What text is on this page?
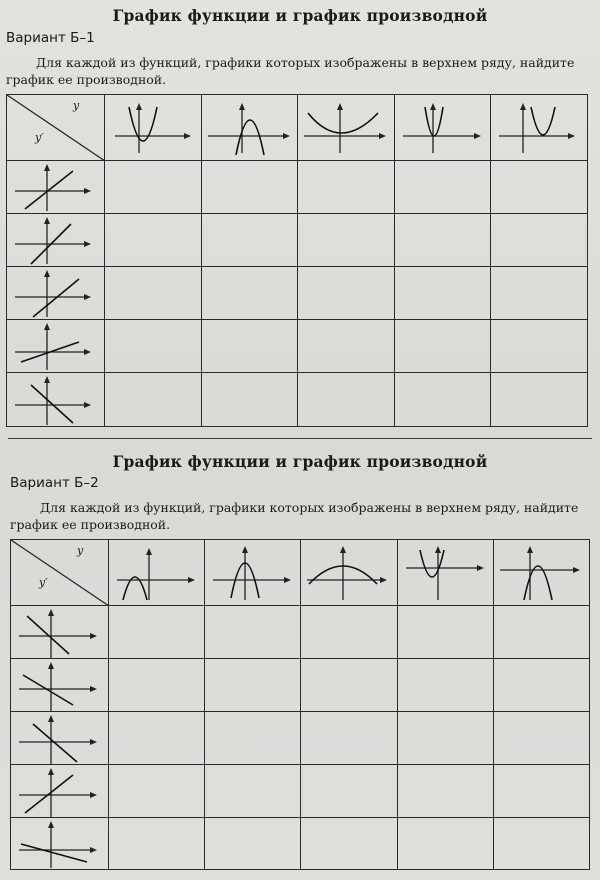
График функции и график производной
Вариант Б–1
Для каждой из функций, графики которых изображены в верхнем ряду, найдите
график ее производной.
y
y′

График функции и график производной
Вариант Б–2
Для каждой из функций, графики которых изображены в верхнем ряду, найдите
график ее производной.
y
y′
